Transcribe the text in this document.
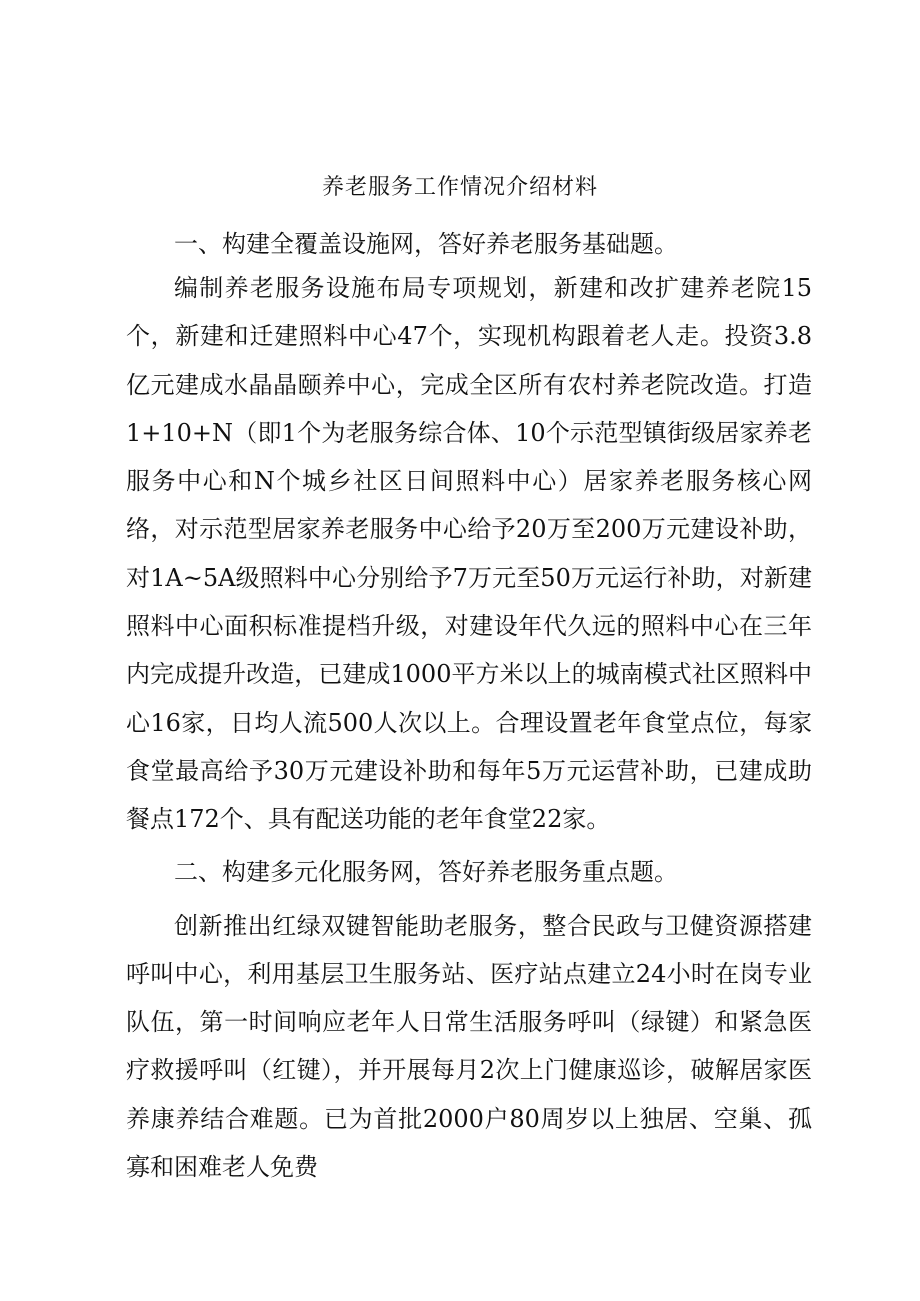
养老服务工作情况介绍材料

一、构建全覆盖设施网，答好养老服务基础题。

编制养老服务设施布局专项规划，新建和改扩建养老院15个，新建和迁建照料中心47个，实现机构跟着老人走。投资3.8亿元建成水晶晶颐养中心，完成全区所有农村养老院改造。打造1+10+N（即1个为老服务综合体、10个示范型镇街级居家养老服务中心和N个城乡社区日间照料中心）居家养老服务核心网络，对示范型居家养老服务中心给予20万至200万元建设补助，对1A~5A级照料中心分别给予7万元至50万元运行补助，对新建照料中心面积标准提档升级，对建设年代久远的照料中心在三年内完成提升改造，已建成1000平方米以上的城南模式社区照料中心16家，日均人流500人次以上。合理设置老年食堂点位，每家食堂最高给予30万元建设补助和每年5万元运营补助，已建成助餐点172个、具有配送功能的老年食堂22家。

二、构建多元化服务网，答好养老服务重点题。

创新推出红绿双键智能助老服务，整合民政与卫健资源搭建呼叫中心，利用基层卫生服务站、医疗站点建立24小时在岗专业队伍，第一时间响应老年人日常生活服务呼叫（绿键）和紧急医疗救援呼叫（红键），并开展每月2次上门健康巡诊，破解居家医养康养结合难题。已为首批2000户80周岁以上独居、空巢、孤寡和困难老人免费
